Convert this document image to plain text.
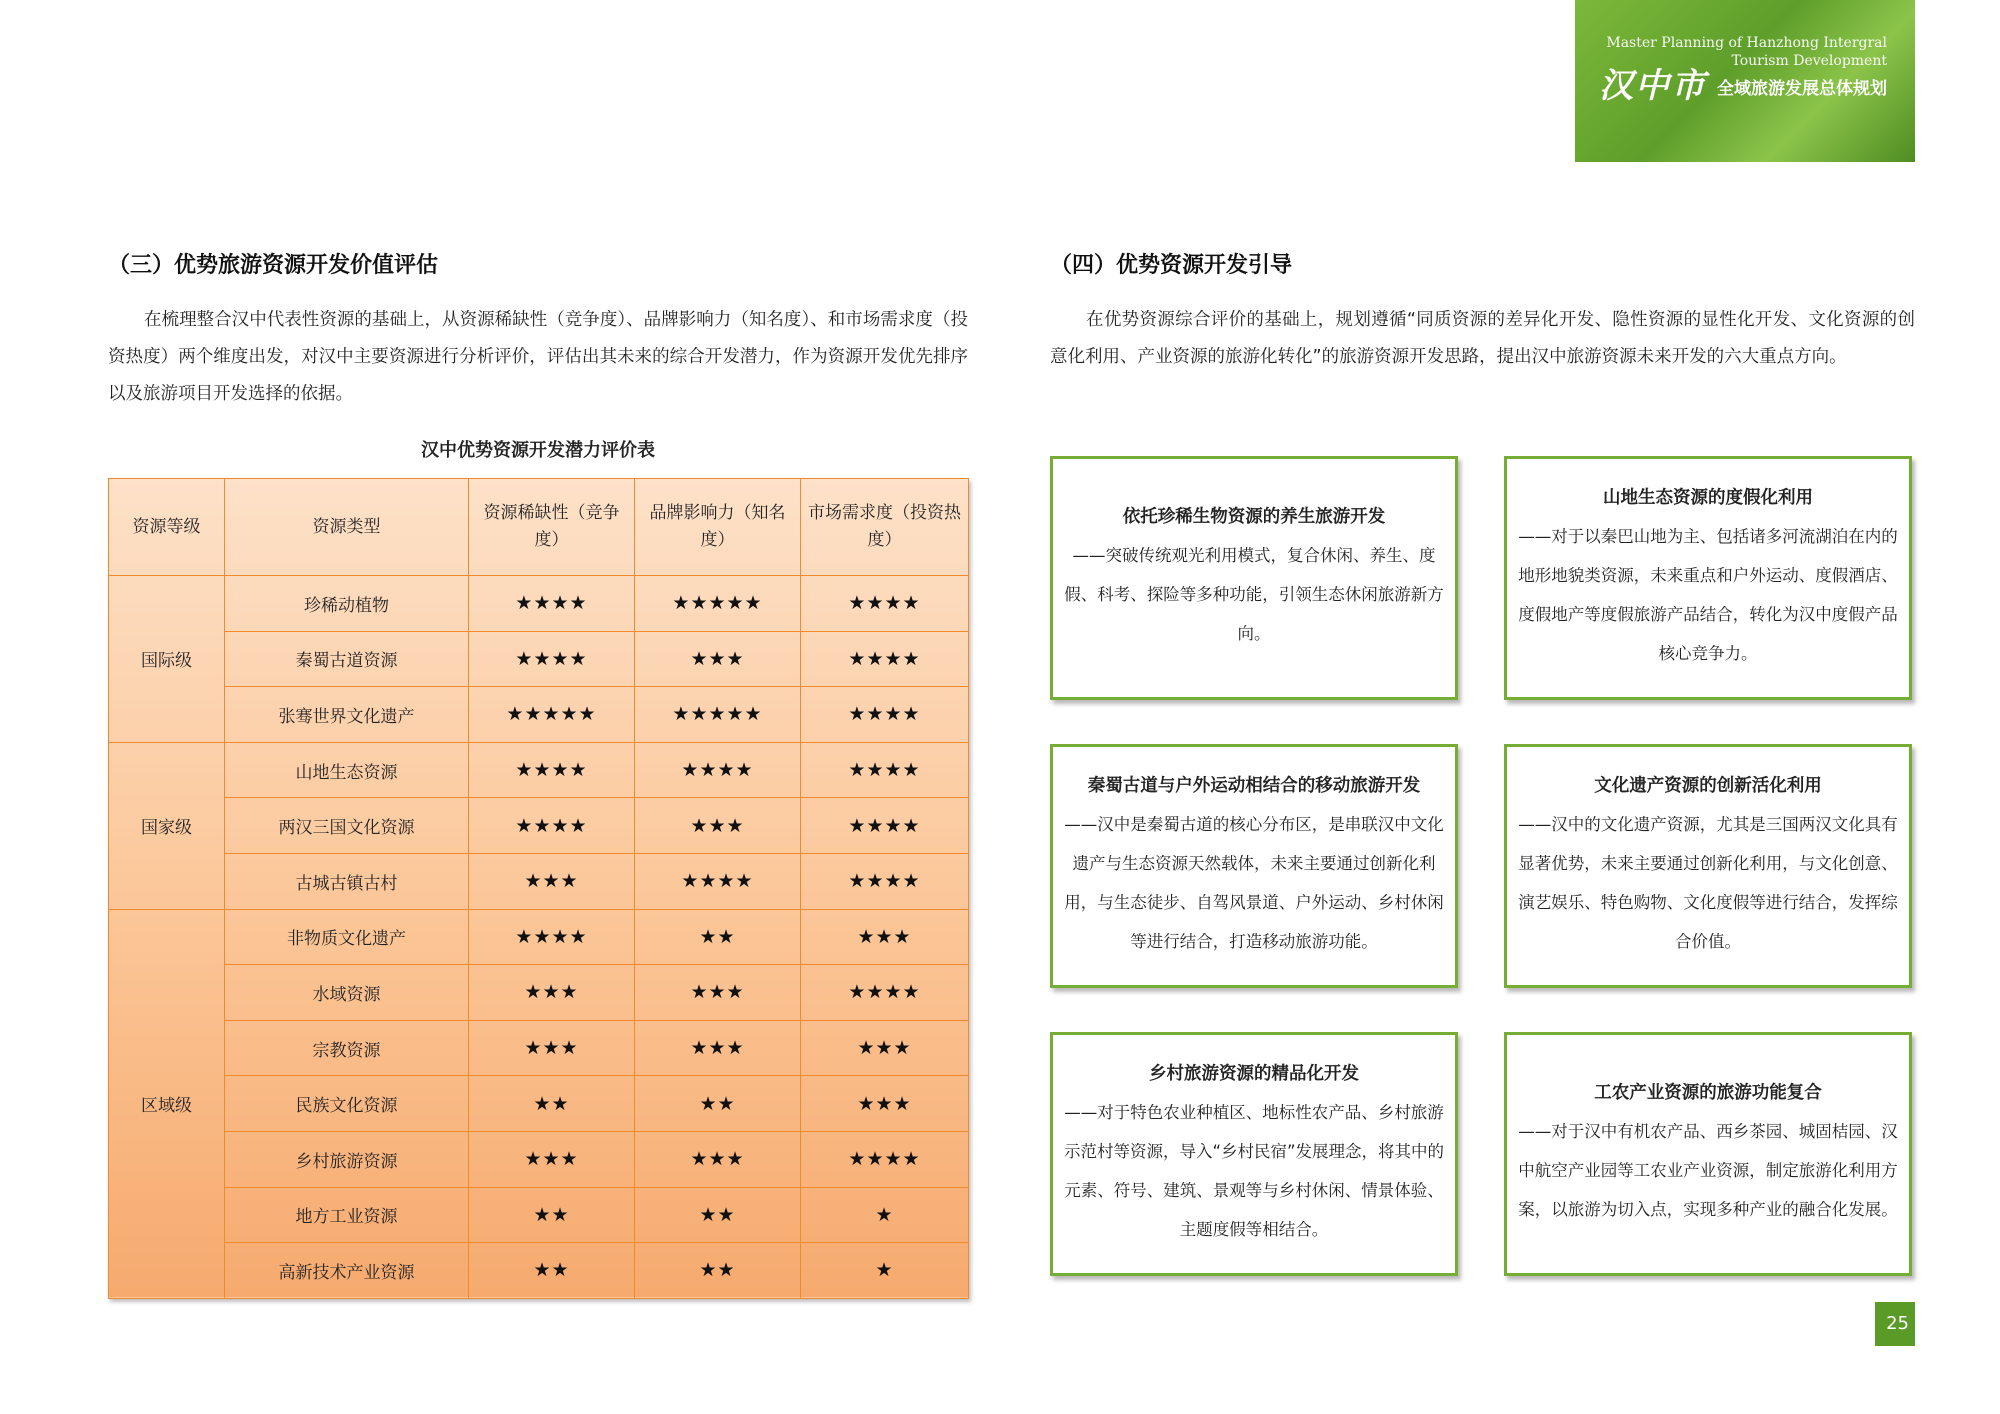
Master Planning of Hanzhong Intergral
Tourism Development
汉中市 全域旅游发展总体规划
（三）优势旅游资源开发价值评估
在梳理整合汉中代表性资源的基础上，从资源稀缺性（竞争度）、品牌影响力（知名度）、和市场需求度（投资热度）两个维度出发，对汉中主要资源进行分析评价，评估出其未来的综合开发潜力，作为资源开发优先排序以及旅游项目开发选择的依据。
汉中优势资源开发潜力评价表
资源等级	资源类型	资源稀缺性（竞争度）	品牌影响力（知名度）	市场需求度（投资热度）
国际级	珍稀动植物	★★★★	★★★★★	★★★★
	秦蜀古道资源	★★★★	★★★	★★★★
	张骞世界文化遗产	★★★★★	★★★★★	★★★★
国家级	山地生态资源	★★★★	★★★★	★★★★
	两汉三国文化资源	★★★★	★★★	★★★★
	古城古镇古村	★★★	★★★★	★★★★
区域级	非物质文化遗产	★★★★	★★	★★★
	水域资源	★★★	★★★	★★★★
	宗教资源	★★★	★★★	★★★
	民族文化资源	★★	★★	★★★
	乡村旅游资源	★★★	★★★	★★★★
	地方工业资源	★★	★★	★
	高新技术产业资源	★★	★★	★
（四）优势资源开发引导
在优势资源综合评价的基础上，规划遵循“同质资源的差异化开发、隐性资源的显性化开发、文化资源的创意化利用、产业资源的旅游化转化”的旅游资源开发思路，提出汉中旅游资源未来开发的六大重点方向。
依托珍稀生物资源的养生旅游开发
——突破传统观光利用模式，复合休闲、养生、度假、科考、探险等多种功能，引领生态休闲旅游新方向。
山地生态资源的度假化利用
——对于以秦巴山地为主、包括诸多河流湖泊在内的地形地貌类资源，未来重点和户外运动、度假酒店、度假地产等度假旅游产品结合，转化为汉中度假产品核心竞争力。
秦蜀古道与户外运动相结合的移动旅游开发
——汉中是秦蜀古道的核心分布区，是串联汉中文化遗产与生态资源天然载体，未来主要通过创新化利用，与生态徒步、自驾风景道、户外运动、乡村休闲等进行结合，打造移动旅游功能。
文化遗产资源的创新活化利用
——汉中的文化遗产资源，尤其是三国两汉文化具有显著优势，未来主要通过创新化利用，与文化创意、演艺娱乐、特色购物、文化度假等进行结合，发挥综合价值。
乡村旅游资源的精品化开发
——对于特色农业种植区、地标性农产品、乡村旅游示范村等资源，导入“乡村民宿”发展理念，将其中的元素、符号、建筑、景观等与乡村休闲、情景体验、主题度假等相结合。
工农产业资源的旅游功能复合
——对于汉中有机农产品、西乡茶园、城固桔园、汉中航空产业园等工农业产业资源，制定旅游化利用方案，以旅游为切入点，实现多种产业的融合化发展。
25
